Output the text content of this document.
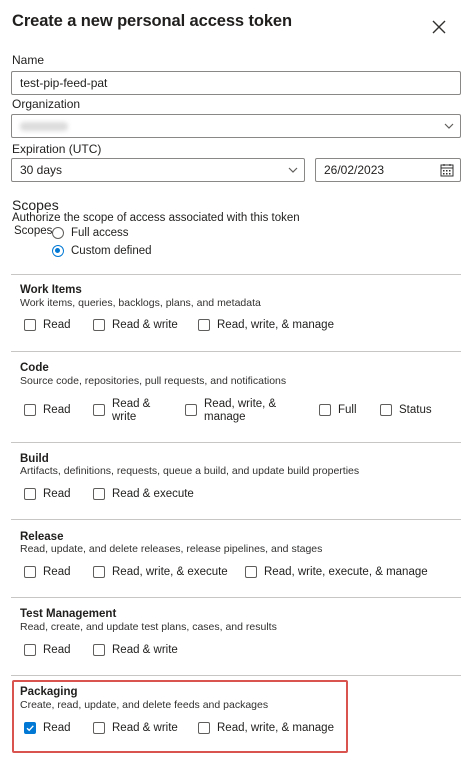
Create a new personal access token
Name
test-pip-feed-pat
Organization
Expiration (UTC)
30 days	26/02/2023
Scopes
Authorize the scope of access associated with this token
Scopes Full access
Custom defined
Work Items
Work items, queries, backlogs, plans, and metadata
Read	Read & write	Read, write, & manage
Code
Source code, repositories, pull requests, and notifications
Read	Read &
write
Read, write, &
manage
Full	Status
Build
Artifacts, definitions, requests, queue a build, and update build properties
Read	Read & execute
Release
Read, update, and delete releases, release pipelines, and stages
Read	Read, write, & execute	Read, write, execute, & manage
Test Management
Read, create, and update test plans, cases, and results
Read	Read & write
Packaging
Create, read, update, and delete feeds and packages
Read	Read & write	Read, write, & manage
